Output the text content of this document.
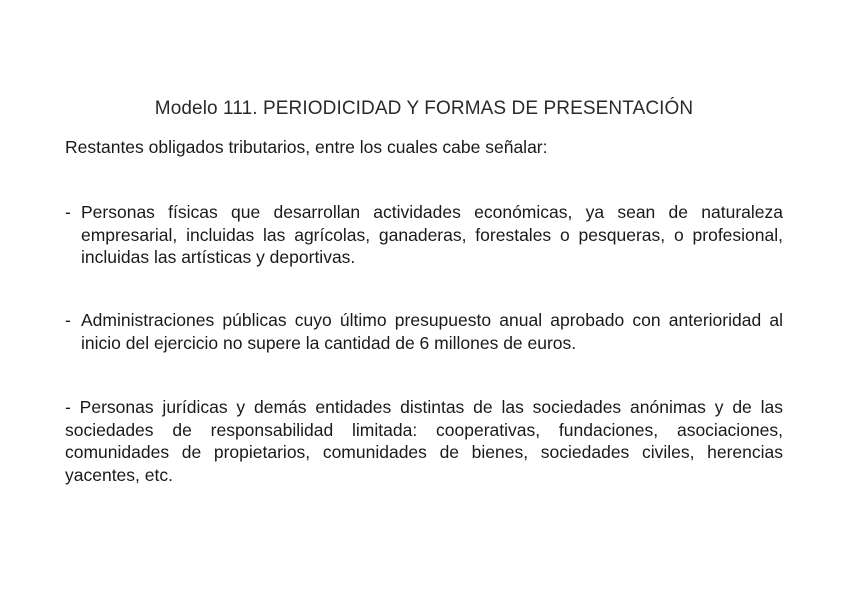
Modelo 111. PERIODICIDAD Y FORMAS DE PRESENTACIÓN

Restantes obligados tributarios, entre los cuales cabe señalar:

- Personas físicas que desarrollan actividades económicas, ya sean de naturaleza empresarial, incluidas las agrícolas, ganaderas, forestales o pesqueras, o profesional, incluidas las artísticas y deportivas.

- Administraciones públicas cuyo último presupuesto anual aprobado con anterioridad al inicio del ejercicio no supere la cantidad de 6 millones de euros.

- Personas jurídicas y demás entidades distintas de las sociedades anónimas y de las sociedades de responsabilidad limitada: cooperativas, fundaciones, asociaciones, comunidades de propietarios, comunidades de bienes, sociedades civiles, herencias yacentes, etc.
